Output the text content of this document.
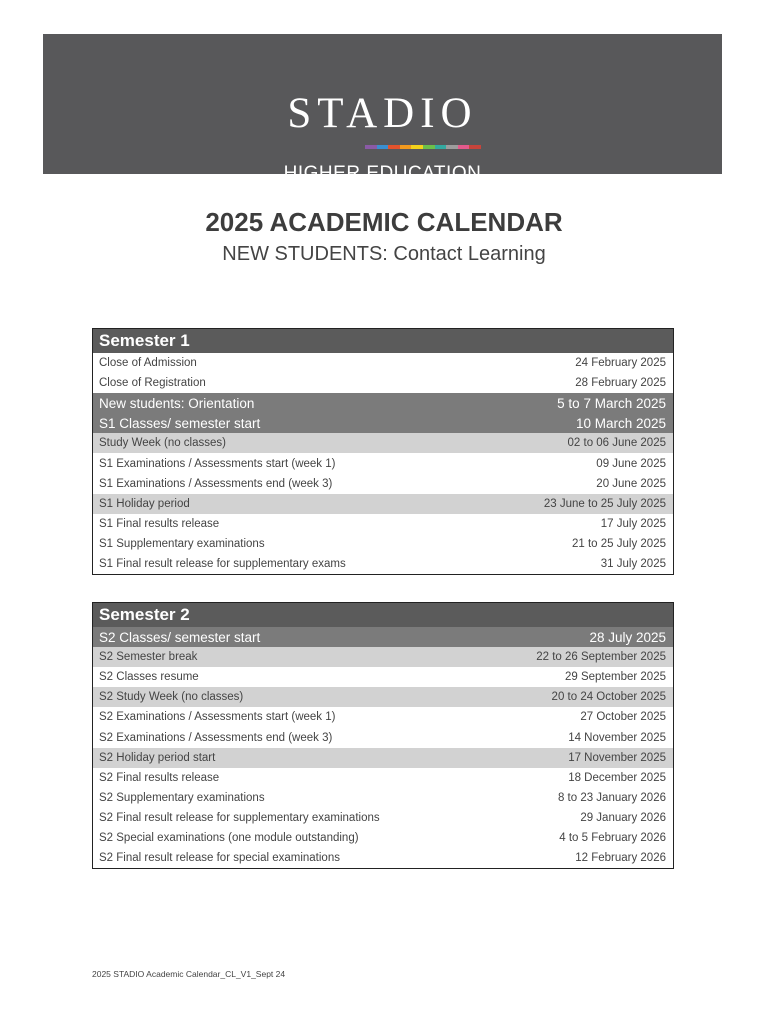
STADIO
HIGHER EDUCATION
2025 ACADEMIC CALENDAR
NEW STUDENTS: Contact Learning
Semester 1
Close of Admission	24 February 2025
Close of Registration	28 February 2025
New students: Orientation	5 to 7 March 2025
S1 Classes/ semester start	10 March 2025
Study Week (no classes)	02 to 06 June 2025
S1 Examinations / Assessments start (week 1)	09 June 2025
S1 Examinations / Assessments end (week 3)	20 June 2025
S1 Holiday period	23 June to 25 July 2025
S1 Final results release	17 July 2025
S1 Supplementary examinations	21 to 25 July 2025
S1 Final result release for supplementary exams	31 July 2025
Semester 2
S2 Classes/ semester start	28 July 2025
S2 Semester break	22 to 26 September 2025
S2 Classes resume	29 September 2025
S2 Study Week (no classes)	20 to 24 October 2025
S2 Examinations / Assessments start (week 1)	27 October 2025
S2 Examinations / Assessments end (week 3)	14 November 2025
S2 Holiday period start	17 November 2025
S2 Final results release	18 December 2025
S2 Supplementary examinations	8 to 23 January 2026
S2 Final result release for supplementary examinations	29 January 2026
S2 Special examinations (one module outstanding)	4 to 5 February 2026
S2 Final result release for special examinations	12 February 2026
2025 STADIO Academic Calendar_CL_V1_Sept 24
